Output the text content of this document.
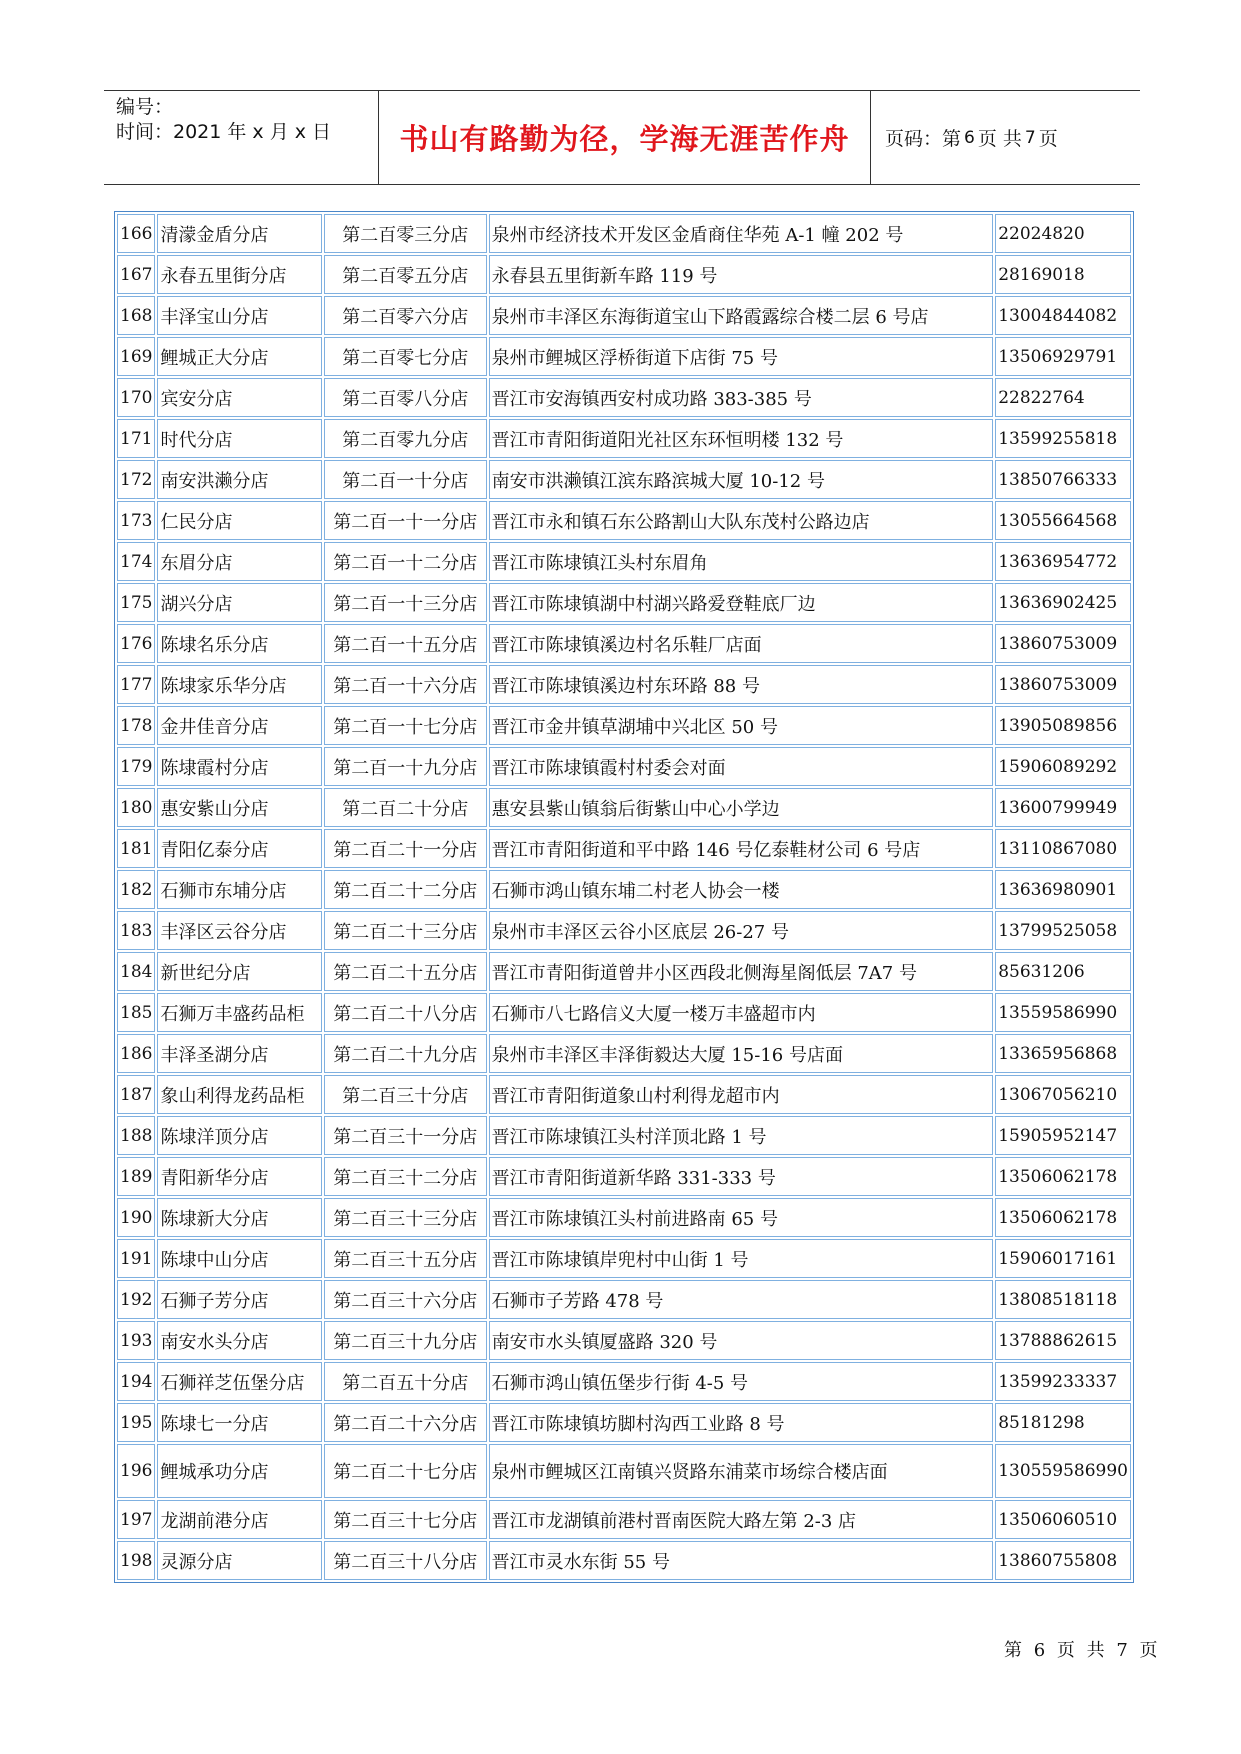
编号：
时间：2021 年 x 月 x 日	书山有路勤为径，学海无涯苦作舟	页码：第 6 页 共 7 页
166	清濛金盾分店	第二百零三分店	泉州市经济技术开发区金盾商住华苑 A-1 幢 202 号	22024820
167	永春五里街分店	第二百零五分店	永春县五里街新车路 119 号	28169018
168	丰泽宝山分店	第二百零六分店	泉州市丰泽区东海街道宝山下路霞露综合楼二层 6 号店	13004844082
169	鲤城正大分店	第二百零七分店	泉州市鲤城区浮桥街道下店街 75 号	13506929791
170	宾安分店	第二百零八分店	晋江市安海镇西安村成功路 383-385 号	22822764
171	时代分店	第二百零九分店	晋江市青阳街道阳光社区东环恒明楼 132 号	13599255818
172	南安洪濑分店	第二百一十分店	南安市洪濑镇江滨东路滨城大厦 10-12 号	13850766333
173	仁民分店	第二百一十一分店	晋江市永和镇石东公路割山大队东茂村公路边店	13055664568
174	东眉分店	第二百一十二分店	晋江市陈埭镇江头村东眉角	13636954772
175	湖兴分店	第二百一十三分店	晋江市陈埭镇湖中村湖兴路爱登鞋底厂边	13636902425
176	陈埭名乐分店	第二百一十五分店	晋江市陈埭镇溪边村名乐鞋厂店面	13860753009
177	陈埭家乐华分店	第二百一十六分店	晋江市陈埭镇溪边村东环路 88 号	13860753009
178	金井佳音分店	第二百一十七分店	晋江市金井镇草湖埔中兴北区 50 号	13905089856
179	陈埭霞村分店	第二百一十九分店	晋江市陈埭镇霞村村委会对面	15906089292
180	惠安紫山分店	第二百二十分店	惠安县紫山镇翁后街紫山中心小学边	13600799949
181	青阳亿泰分店	第二百二十一分店	晋江市青阳街道和平中路 146 号亿泰鞋材公司 6 号店	13110867080
182	石狮市东埔分店	第二百二十二分店	石狮市鸿山镇东埔二村老人协会一楼	13636980901
183	丰泽区云谷分店	第二百二十三分店	泉州市丰泽区云谷小区底层 26-27 号	13799525058
184	新世纪分店	第二百二十五分店	晋江市青阳街道曾井小区西段北侧海星阁低层 7A7 号	85631206
185	石狮万丰盛药品柜	第二百二十八分店	石狮市八七路信义大厦一楼万丰盛超市内	13559586990
186	丰泽圣湖分店	第二百二十九分店	泉州市丰泽区丰泽街毅达大厦 15-16 号店面	13365956868
187	象山利得龙药品柜	第二百三十分店	晋江市青阳街道象山村利得龙超市内	13067056210
188	陈埭洋顶分店	第二百三十一分店	晋江市陈埭镇江头村洋顶北路 1 号	15905952147
189	青阳新华分店	第二百三十二分店	晋江市青阳街道新华路 331-333 号	13506062178
190	陈埭新大分店	第二百三十三分店	晋江市陈埭镇江头村前进路南 65 号	13506062178
191	陈埭中山分店	第二百三十五分店	晋江市陈埭镇岸兜村中山街 1 号	15906017161
192	石狮子芳分店	第二百三十六分店	石狮市子芳路 478 号	13808518118
193	南安水头分店	第二百三十九分店	南安市水头镇厦盛路 320 号	13788862615
194	石狮祥芝伍堡分店	第二百五十分店	石狮市鸿山镇伍堡步行街 4-5 号	13599233337
195	陈埭七一分店	第二百二十六分店	晋江市陈埭镇坊脚村沟西工业路 8 号	85181298
196	鲤城承功分店	第二百二十七分店	泉州市鲤城区江南镇兴贤路东浦菜市场综合楼店面	130559586990
197	龙湖前港分店	第二百三十七分店	晋江市龙湖镇前港村晋南医院大路左第 2-3 店	13506060510
198	灵源分店	第二百三十八分店	晋江市灵水东街 55 号	13860755808
第 6 页 共 7 页
